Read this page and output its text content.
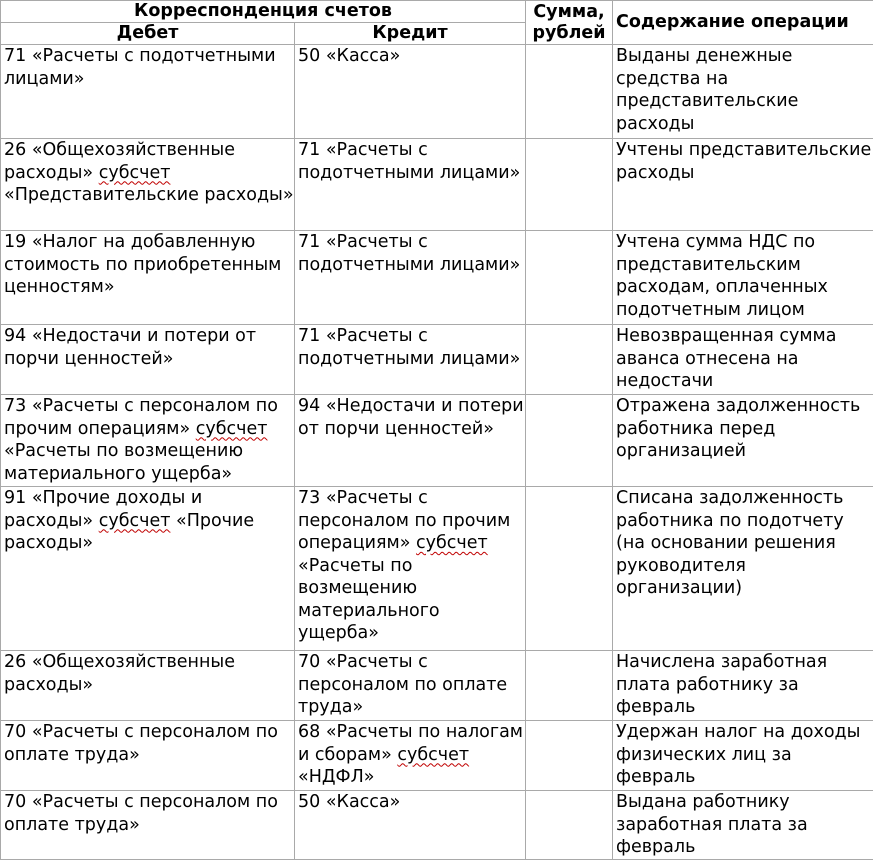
Корреспонденция счетов		Сумма,
рублей	Содержание операции
Дебет	Кредит		
71 «Расчеты с подотчетными лицами»	50 «Касса»		Выданы денежные средства на представительские расходы
26 «Общехозяйственные расходы» субсчет «Представительские расходы»	71 «Расчеты с подотчетными лицами»		Учтены представительские расходы
19 «Налог на добавленную стоимость по приобретенным ценностям»	71 «Расчеты с подотчетными лицами»		Учтена сумма НДС по представительским расходам, оплаченных подотчетным лицом
94 «Недостачи и потери от порчи ценностей»	71 «Расчеты с подотчетными лицами»		Невозвращенная сумма аванса отнесена на недостачи
73 «Расчеты с персоналом по прочим операциям» субсчет «Расчеты по возмещению материального ущерба»	94 «Недостачи и потери от порчи ценностей»		Отражена задолженность работника перед организацией
91 «Прочие доходы и расходы» субсчет «Прочие расходы»	73 «Расчеты с персоналом по прочим операциям» субсчет «Расчеты по возмещению материального ущерба»		Списана задолженность работника по подотчету (на основании решения руководителя организации)
26 «Общехозяйственные расходы»	70 «Расчеты с персоналом по оплате труда»		Начислена заработная плата работнику за февраль
70 «Расчеты с персоналом по оплате труда»	68 «Расчеты по налогам и сборам» субсчет «НДФЛ»		Удержан налог на доходы физических лиц за февраль
70 «Расчеты с персоналом по оплате труда»	50 «Касса»		Выдана работнику заработная плата за февраль
